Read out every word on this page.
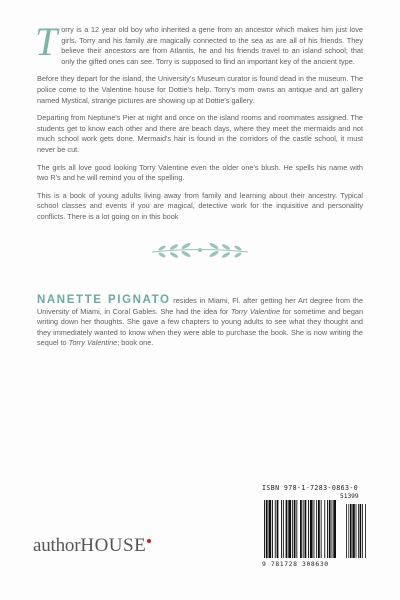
Torry is a 12 year old boy who inherited a gene from an ancestor which makes him just love girls. Torry and his family are magically connected to the sea as are all of his friends. They believe their ancestors are from Atlantis, he and his friends travel to an island school; that only the gifted ones can see. Torry is supposed to find an important key of the ancient type.

Before they depart for the island, the University's Museum curator is found dead in the museum. The police come to the Valentine house for Dottie's help. Torry's mom owns an antique and art gallery named Mystical, strange pictures are showing up at Dottie's gallery.

Departing from Neptune's Pier at night and once on the island rooms and roommates assigned. The students get to know each other and there are beach days, where they meet the mermaids and not much school work gets done. Mermaid's hair is found in the corridors of the castle school, it must never be cut.

The girls all love good looking Torry Valentine even the older one's blush. He spells his name with two R's and he will remind you of the spelling.

This is a book of young adults living away from family and learning about their ancestry. Typical school classes and events if you are magical, detective work for the inquisitive and personality conflicts. There is a lot going on in this book

NANETTE PIGNATO resides in Miami, Fl. after getting her Art degree from the University of Miami, in Coral Gables. She had the idea for Torry Valentine for sometime and began writing down her thoughts. She gave a few chapters to young adults to see what they thought and they immediately wanted to know when they were able to purchase the book. She is now writing the sequel to Torry Valentine; book one.
ISBN 978-1-7283-0863-0
51399
9 781728 308630
author HOUSE
